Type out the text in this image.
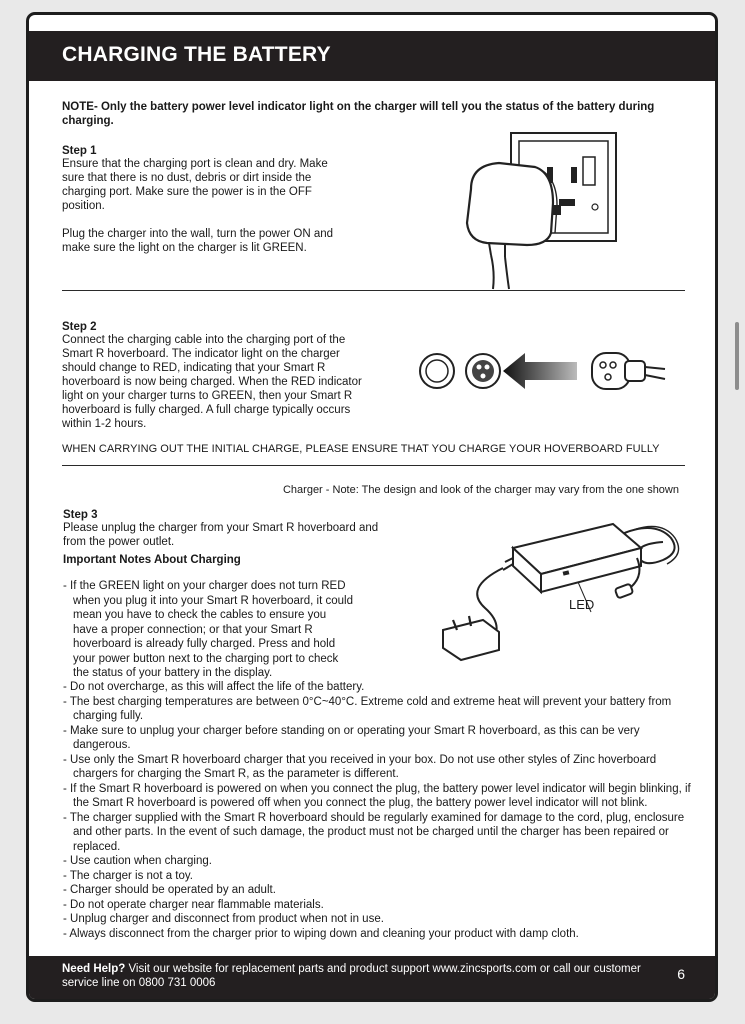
CHARGING THE BATTERY
NOTE- Only the battery power level indicator light on the charger will tell you the status of the battery during charging.
Step 1
Ensure that the charging port is clean and dry. Make sure that there is no dust, debris or dirt inside the charging port. Make sure the power is in the OFF position.
Plug the charger into the wall, turn the power ON and make sure the light on the charger is lit GREEN.
Step 2
Connect the charging cable into the charging port of the Smart R hoverboard. The indicator light on the charger should change to RED, indicating that your Smart R hoverboard is now being charged. When the RED indicator light on your charger turns to GREEN, then your Smart R hoverboard is fully charged. A full charge typically occurs within 1-2 hours.
WHEN CARRYING OUT THE INITIAL CHARGE, PLEASE ENSURE THAT YOU CHARGE YOUR HOVERBOARD FULLY
Charger - Note: The design and look of the charger may vary from the one shown
Step 3
Please unplug the charger from your Smart R hoverboard and from the power outlet.
Important Notes About Charging
- If the GREEN light on your charger does not turn RED when you plug it into your Smart R hoverboard, it could mean you have to check the cables to ensure you have a proper connection; or that your Smart R hoverboard is already fully charged. Press and hold your power button next to the charging port to check the status of your battery in the display.
LED
- Do not overcharge, as this will affect the life of the battery.
- The best charging temperatures are between 0°C~40°C. Extreme cold and extreme heat will prevent your battery from charging fully.
- Make sure to unplug your charger before standing on or operating your Smart R hoverboard, as this can be very dangerous.
- Use only the Smart R hoverboard charger that you received in your box. Do not use other styles of Zinc hoverboard chargers for charging the Smart R, as the parameter is different.
- If the Smart R hoverboard is powered on when you connect the plug, the battery power level indicator will begin blinking, if the Smart R hoverboard is powered off when you connect the plug, the battery power level indicator will not blink.
- The charger supplied with the Smart R hoverboard should be regularly examined for damage to the cord, plug, enclosure and other parts. In the event of such damage, the product must not be charged until the charger has been repaired or replaced.
- Use caution when charging.
- The charger is not a toy.
- Charger should be operated by an adult.
- Do not operate charger near flammable materials.
- Unplug charger and disconnect from product when not in use.
- Always disconnect from the charger prior to wiping down and cleaning your product with damp cloth.
Need Help? Visit our website for replacement parts and product support www.zincsports.com or call our customer service line on 0800 731 0006
6
